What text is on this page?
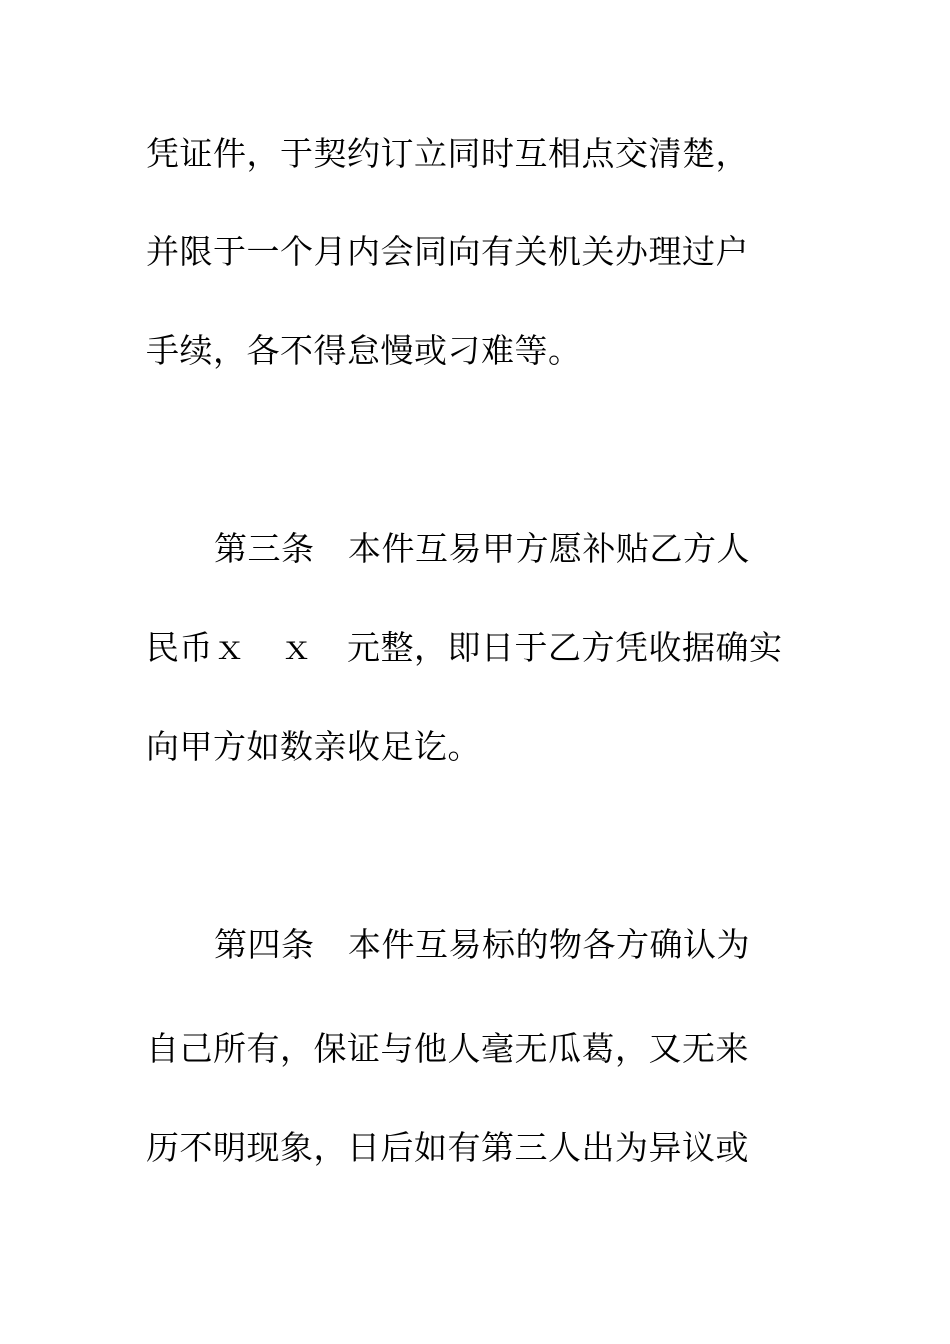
凭证件，于契约订立同时互相点交清楚，
并限于一个月内会同向有关机关办理过户
手续，各不得怠慢或刁难等。
第三条　本件互易甲方愿补贴乙方人
民币ｘ　ｘ　元整，即日于乙方凭收据确实
向甲方如数亲收足讫。
第四条　本件互易标的物各方确认为
自己所有，保证与他人毫无瓜葛，又无来
历不明现象，日后如有第三人出为异议或
